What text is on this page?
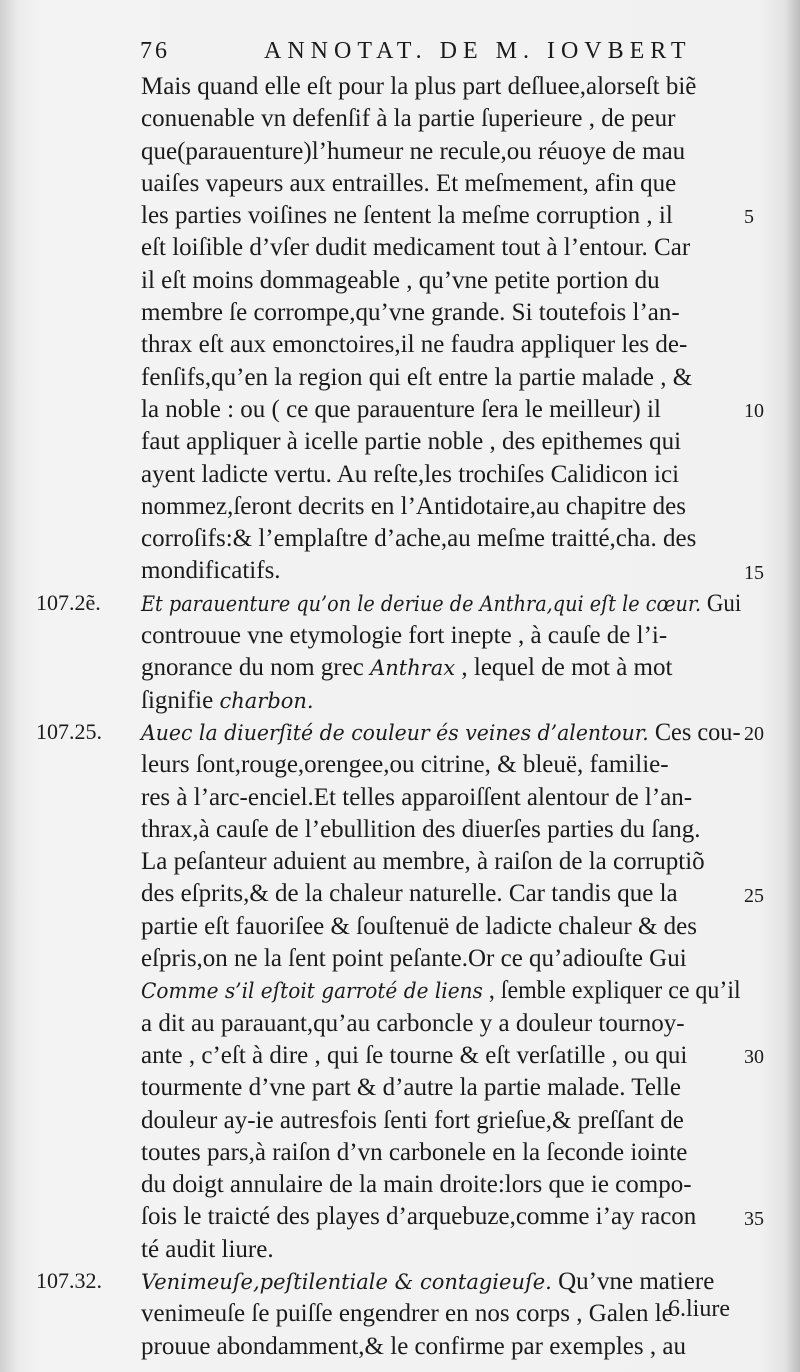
76	ANNOTAT. DE M. IOVBERT
Mais quand elle eſt pour la plus part deſluee,alorseſt biẽ
conuenable vn defenſif à la partie ſuperieure , de peur
que(parauenture)l’humeur ne recule,ou réuoye de mau
uaiſes vapeurs aux entrailles. Et meſmement, afin que
les parties voiſines ne ſentent la meſme corruption , il
eſt loiſible d’vſer dudit medicament tout à l’entour. Car
il eſt moins dommageable , qu’vne petite portion du
membre ſe corrompe,qu’vne grande. Si toutefois l’an-
thrax eſt aux emonctoires,il ne faudra appliquer les de-
fenſifs,qu’en la region qui eſt entre la partie malade , &
la noble : ou ( ce que parauenture ſera le meilleur) il
faut appliquer à icelle partie noble , des epithemes qui
ayent ladicte vertu. Au reſte,les trochiſes Calidicon ici
nommez,ſeront decrits en l’Antidotaire,au chapitre des
corroſifs:& l’emplaſtre d’ache,au meſme traitté,cha. des
mondificatifs.
Et parauenture qu’on le deriue de Anthra,qui eſt le cœur. Gui
controuue vne etymologie fort inepte , à cauſe de l’i-
gnorance du nom grec Anthrax , lequel de mot à mot
ſignifie charbon.
Auec la diuerſité de couleur és veines d’alentour. Ces cou-
leurs ſont,rouge,orengee,ou citrine, & bleuë, familie-
res à l’arc-enciel.Et telles apparoiſſent alentour de l’an-
thrax,à cauſe de l’ebullition des diuerſes parties du ſang.
La peſanteur aduient au membre, à raiſon de la corruptiõ
des eſprits,& de la chaleur naturelle. Car tandis que la
partie eſt fauoriſee & ſouſtenuë de ladicte chaleur & des
eſpris,on ne la ſent point peſante.Or ce qu’adiouſte Gui
Comme s’il eſtoit garroté de liens , ſemble expliquer ce qu’il
a dit au parauant,qu’au carboncle y a douleur tournoy-
ante , c’eſt à dire , qui ſe tourne & eſt verſatille , ou qui
tourmente d’vne part & d’autre la partie malade. Telle
douleur ay-ie autresfois ſenti fort grieſue,& preſſant de
toutes pars,à raiſon d’vn carbonele en la ſeconde iointe
du doigt annulaire de la main droite:lors que ie compo-
ſois le traicté des playes d’arquebuze,comme i’ay racon
té audit liure.
Venimeuſe,peſtilentiale & contagieuſe. Qu’vne matiere
venimeuſe ſe puiſſe engendrer en nos corps , Galen le
prouue abondamment,& le confirme par exemples , au
107.2ẽ.
107.25.
107.32.
5
10
15
20
25
30
35
6.liure
